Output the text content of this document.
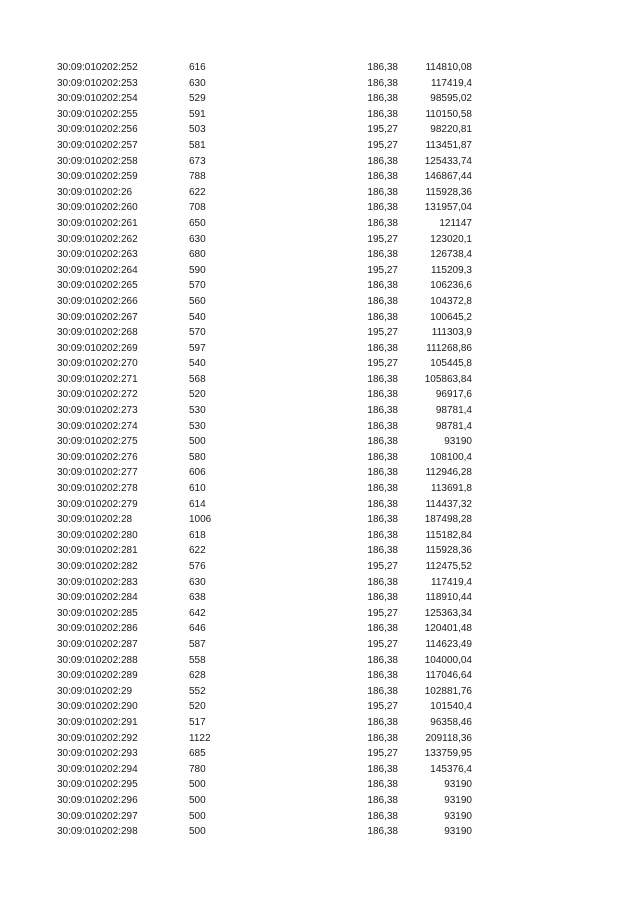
30:09:010202:252	616	186,38	114810,08
30:09:010202:253	630	186,38	117419,4
30:09:010202:254	529	186,38	98595,02
30:09:010202:255	591	186,38	110150,58
30:09:010202:256	503	195,27	98220,81
30:09:010202:257	581	195,27	113451,87
30:09:010202:258	673	186,38	125433,74
30:09:010202:259	788	186,38	146867,44
30:09:010202:26	622	186,38	115928,36
30:09:010202:260	708	186,38	131957,04
30:09:010202:261	650	186,38	121147
30:09:010202:262	630	195,27	123020,1
30:09:010202:263	680	186,38	126738,4
30:09:010202:264	590	195,27	115209,3
30:09:010202:265	570	186,38	106236,6
30:09:010202:266	560	186,38	104372,8
30:09:010202:267	540	186,38	100645,2
30:09:010202:268	570	195,27	111303,9
30:09:010202:269	597	186,38	111268,86
30:09:010202:270	540	195,27	105445,8
30:09:010202:271	568	186,38	105863,84
30:09:010202:272	520	186,38	96917,6
30:09:010202:273	530	186,38	98781,4
30:09:010202:274	530	186,38	98781,4
30:09:010202:275	500	186,38	93190
30:09:010202:276	580	186,38	108100,4
30:09:010202:277	606	186,38	112946,28
30:09:010202:278	610	186,38	113691,8
30:09:010202:279	614	186,38	114437,32
30:09:010202:28	1006	186,38	187498,28
30:09:010202:280	618	186,38	115182,84
30:09:010202:281	622	186,38	115928,36
30:09:010202:282	576	195,27	112475,52
30:09:010202:283	630	186,38	117419,4
30:09:010202:284	638	186,38	118910,44
30:09:010202:285	642	195,27	125363,34
30:09:010202:286	646	186,38	120401,48
30:09:010202:287	587	195,27	114623,49
30:09:010202:288	558	186,38	104000,04
30:09:010202:289	628	186,38	117046,64
30:09:010202:29	552	186,38	102881,76
30:09:010202:290	520	195,27	101540,4
30:09:010202:291	517	186,38	96358,46
30:09:010202:292	1122	186,38	209118,36
30:09:010202:293	685	195,27	133759,95
30:09:010202:294	780	186,38	145376,4
30:09:010202:295	500	186,38	93190
30:09:010202:296	500	186,38	93190
30:09:010202:297	500	186,38	93190
30:09:010202:298	500	186,38	93190
